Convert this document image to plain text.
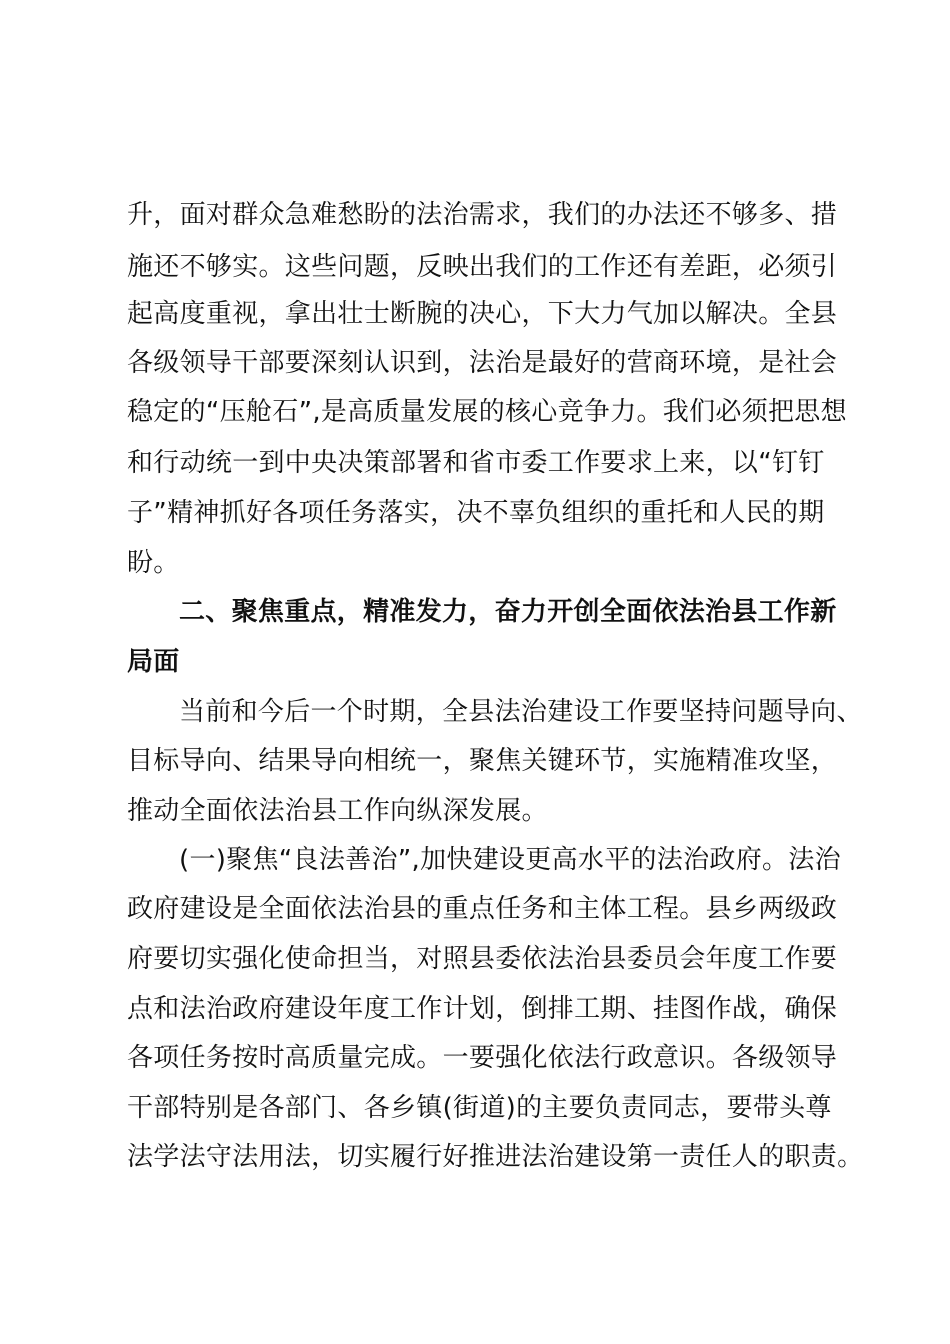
升，面对群众急难愁盼的法治需求，我们的办法还不够多、措
施还不够实。这些问题，反映出我们的工作还有差距，必须引
起高度重视，拿出壮士断腕的决心，下大力气加以解决。全县
各级领导干部要深刻认识到，法治是最好的营商环境，是社会
稳定的“压舱石”,是高质量发展的核心竞争力。我们必须把思想
和行动统一到中央决策部署和省市委工作要求上来，以“钉钉
子”精神抓好各项任务落实，决不辜负组织的重托和人民的期
盼。
二、聚焦重点，精准发力，奋力开创全面依法治县工作新
局面
当前和今后一个时期，全县法治建设工作要坚持问题导向、
目标导向、结果导向相统一，聚焦关键环节，实施精准攻坚，
推动全面依法治县工作向纵深发展。
(一)聚焦“良法善治”,加快建设更高水平的法治政府。法治
政府建设是全面依法治县的重点任务和主体工程。县乡两级政
府要切实强化使命担当，对照县委依法治县委员会年度工作要
点和法治政府建设年度工作计划，倒排工期、挂图作战，确保
各项任务按时高质量完成。一要强化依法行政意识。各级领导
干部特别是各部门、各乡镇(街道)的主要负责同志，要带头尊
法学法守法用法，切实履行好推进法治建设第一责任人的职责。
